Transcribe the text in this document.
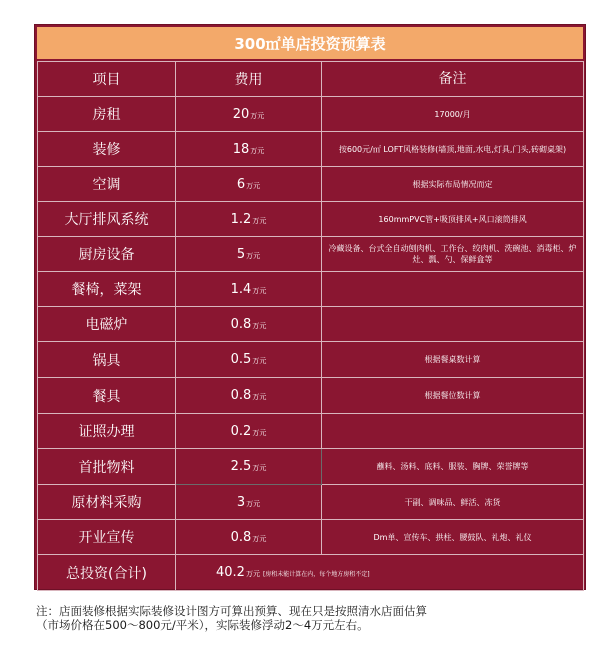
300㎡单店投资预算表
项目	费用	备注
房租	20万元	17000/月
装修	18万元	按600元/㎡ LOFT风格装修(墙顶,地面,水电,灯具,门头,砖砌桌架)
空调	6万元	根据实际布局情况而定
大厅排风系统	1.2万元	160mmPVC管+吸顶排风+风口滚筒排风
厨房设备	5万元	冷藏设备、台式全自动刨肉机、工作台、绞肉机、洗碗池、消毒柜、炉灶、瓢、勺、保鲜盒等
餐椅，菜架	1.4万元	
电磁炉	0.8万元	
锅具	0.5万元	根据餐桌数计算
餐具	0.8万元	根据餐位数计算
证照办理	0.2万元	
首批物料	2.5万元	蘸料、汤料、底料、服装、胸牌、荣誉牌等
原材料采购	3万元	干副、调味品、鲜活、冻货
开业宣传	0.8万元	Dm单、宣传车、拱柱、腰鼓队、礼炮、礼仪
总投资(合计)	40.2万元 [房租未能计算在内，每个地方房租不定]	
注：店面装修根据实际装修设计图方可算出预算、现在只是按照清水店面估算
（市场价格在500～800元/平米），实际装修浮动2～4万元左右。
